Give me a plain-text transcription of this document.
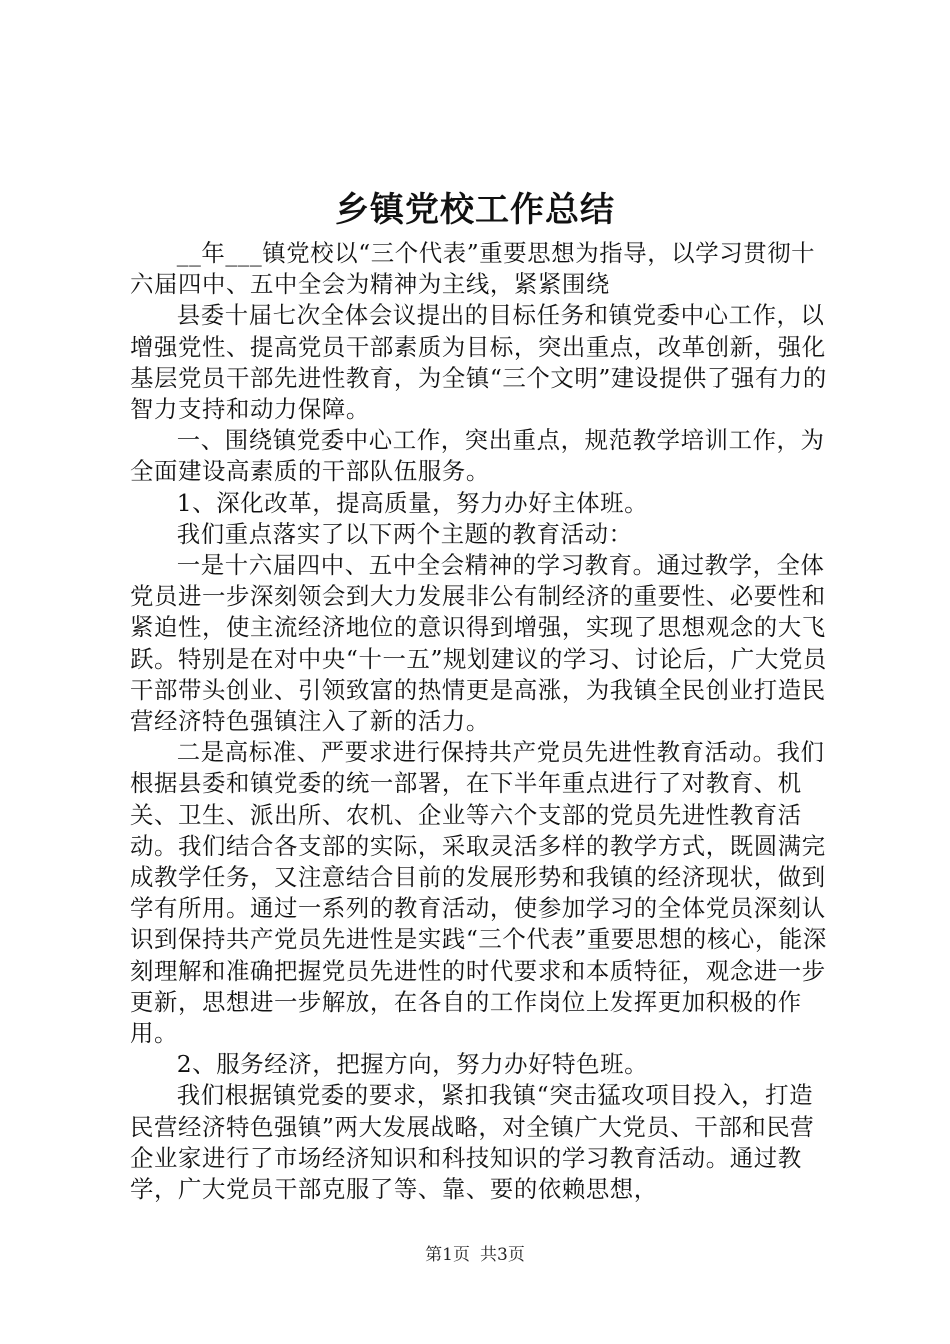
乡镇党校工作总结

__年___镇党校以“三个代表”重要思想为指导，以学习贯彻十六届四中、五中全会为精神为主线，紧紧围绕

县委十届七次全体会议提出的目标任务和镇党委中心工作，以增强党性、提高党员干部素质为目标，突出重点，改革创新，强化基层党员干部先进性教育，为全镇“三个文明”建设提供了强有力的智力支持和动力保障。

一、围绕镇党委中心工作，突出重点，规范教学培训工作，为全面建设高素质的干部队伍服务。

1、深化改革，提高质量，努力办好主体班。

我们重点落实了以下两个主题的教育活动：

一是十六届四中、五中全会精神的学习教育。通过教学，全体党员进一步深刻领会到大力发展非公有制经济的重要性、必要性和紧迫性，使主流经济地位的意识得到增强，实现了思想观念的大飞跃。特别是在对中央“十一五”规划建议的学习、讨论后，广大党员干部带头创业、引领致富的热情更是高涨，为我镇全民创业打造民营经济特色强镇注入了新的活力。

二是高标准、严要求进行保持共产党员先进性教育活动。我们根据县委和镇党委的统一部署，在下半年重点进行了对教育、机关、卫生、派出所、农机、企业等六个支部的党员先进性教育活动。我们结合各支部的实际，采取灵活多样的教学方式，既圆满完成教学任务，又注意结合目前的发展形势和我镇的经济现状，做到学有所用。通过一系列的教育活动，使参加学习的全体党员深刻认识到保持共产党员先进性是实践“三个代表”重要思想的核心，能深刻理解和准确把握党员先进性的时代要求和本质特征，观念进一步更新，思想进一步解放，在各自的工作岗位上发挥更加积极的作用。

2、服务经济，把握方向，努力办好特色班。

我们根据镇党委的要求，紧扣我镇“突击猛攻项目投入，打造民营经济特色强镇”两大发展战略，对全镇广大党员、干部和民营企业家进行了市场经济知识和科技知识的学习教育活动。通过教学，广大党员干部克服了等、靠、要的依赖思想，

第1页 共3页
